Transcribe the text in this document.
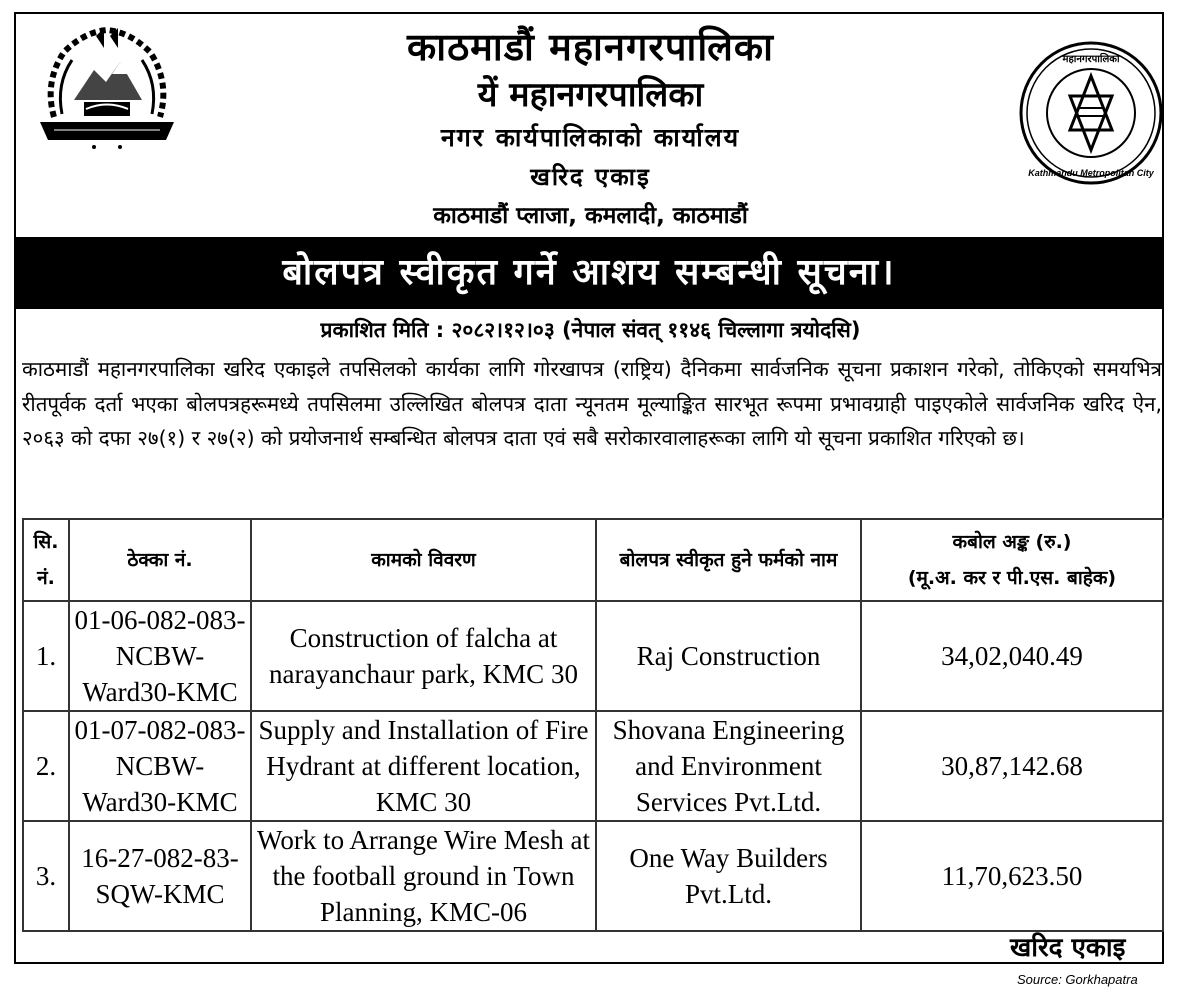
महानगरपालिका
Kathmandu Metropolitan City
काठमाडौं महानगरपालिका
यें महानगरपालिका
नगर कार्यपालिकाको कार्यालय
खरिद एकाइ
काठमाडौं प्लाजा, कमलादी, काठमाडौं
बोलपत्र स्वीकृत गर्ने आशय सम्बन्धी सूचना।
प्रकाशित मिति : २०८२।१२।०३ (नेपाल संवत् ११४६ चिल्लागा त्रयोदसि)
काठमाडौं महानगरपालिका खरिद एकाइले तपसिलको कार्यका लागि गोरखापत्र (राष्ट्रिय) दैनिकमा सार्वजनिक सूचना प्रकाशन गरेको, तोकिएको समयभित्र रीतपूर्वक दर्ता भएका बोलपत्रहरूमध्ये तपसिलमा उल्लिखित बोलपत्र दाता न्यूनतम मूल्याङ्कित सारभूत रूपमा प्रभावग्राही पाइएकोले सार्वजनिक खरिद ऐन, २०६३ को दफा २७(१) र २७(२) को प्रयोजनार्थ सम्बन्धित बोलपत्र दाता एवं सबै सरोकारवालाहरूका लागि यो सूचना प्रकाशित गरिएको छ।
सि. नं.	ठेक्का नं.	कामको विवरण	बोलपत्र स्वीकृत हुने फर्मको नाम	कबोल अङ्क (रु.)
(मू.अ. कर र पी.एस. बाहेक)

1.	01-06-082-083-NCBW-Ward30-KMC	Construction of falcha at narayanchaur park, KMC 30	Raj Construction	34,02,040.49
2.	01-07-082-083-NCBW-Ward30-KMC	Supply and Installation of Fire Hydrant at different location, KMC 30	Shovana Engineering and Environment Services Pvt.Ltd.	30,87,142.68
3.	16-27-082-83-SQW-KMC	Work to Arrange Wire Mesh at the football ground in Town Planning, KMC-06	One Way Builders Pvt.Ltd.	11,70,623.50
खरिद एकाइ
Source: Gorkhapatra
